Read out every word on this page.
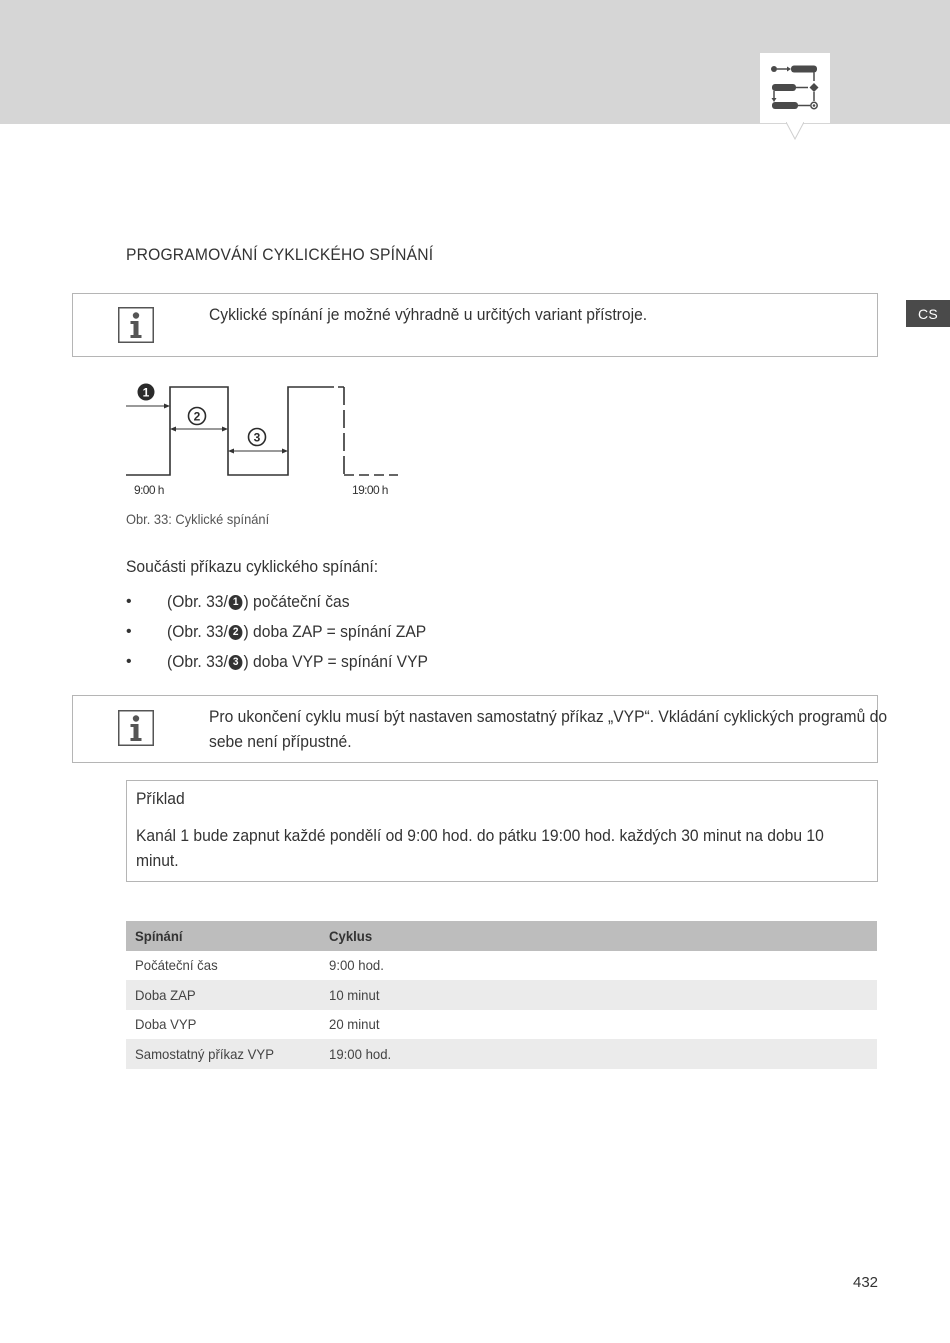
CS
PROGRAMOVÁNÍ CYKLICKÉHO SPÍNÁNÍ
Cyklické spínání je možné výhradně u určitých variant přístroje.
1
2
3
9:00 h	19:00 h
Obr. 33: Cyklické spínání
Součásti příkazu cyklického spínání:
•	(Obr. 33/ 1 ) počáteční čas
•	(Obr. 33/ 2 ) doba ZAP = spínání ZAP
•	(Obr. 33/ 3 ) doba VYP = spínání VYP
Pro ukončení cyklu musí být nastaven samostatný příkaz „VYP“. Vkládání cyklických programů do sebe není přípustné.
Příklad
Kanál 1 bude zapnut každé pondělí od 9:00 hod. do pátku 19:00 hod. každých 30 minut na dobu 10 minut.
Spínání	Cyklus
Počáteční čas	9:00 hod.
Doba ZAP	10 minut
Doba VYP	20 minut
Samostatný příkaz VYP	19:00 hod.
432
